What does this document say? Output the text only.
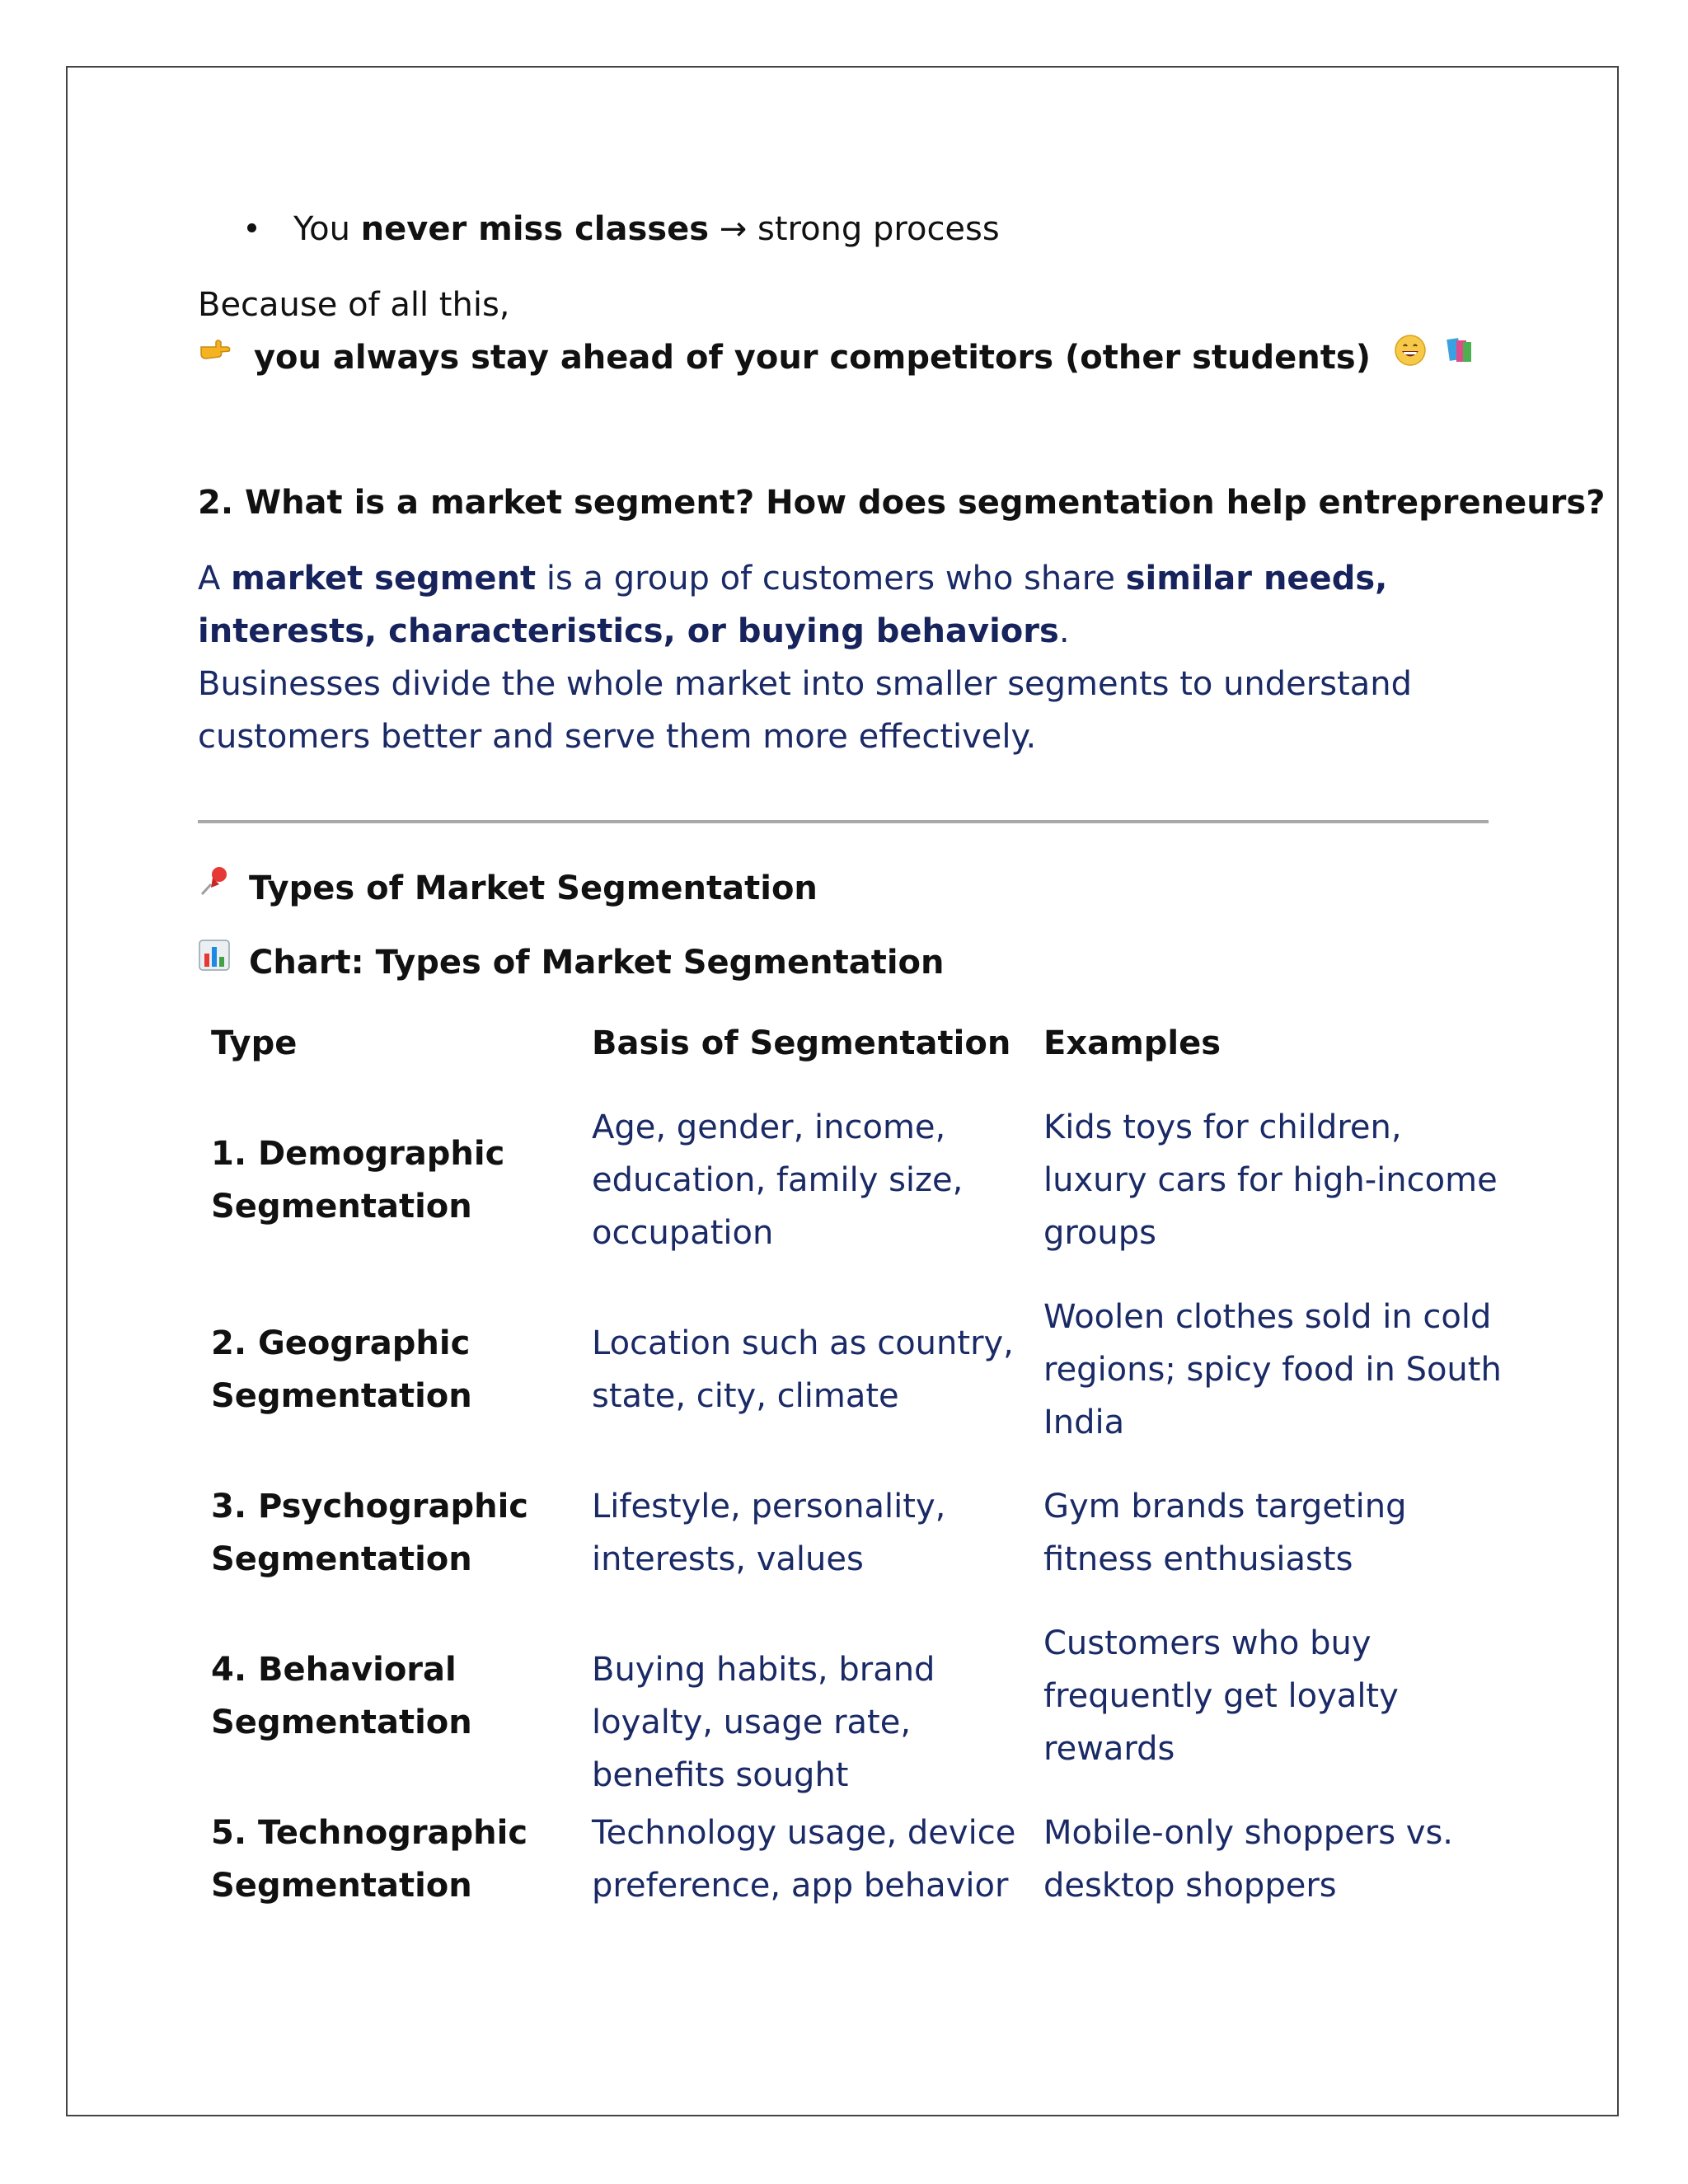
You never miss classes → strong process
Because of all this,
you always stay ahead of your competitors (other students)
2. What is a market segment? How does segmentation help entrepreneurs?
A market segment is a group of customers who share similar needs, interests, characteristics, or buying behaviors.
Businesses divide the whole market into smaller segments to understand customers better and serve them more effectively.
Types of Market Segmentation
Chart: Types of Market Segmentation
Type	Basis of Segmentation Examples
1. Demographic Segmentation
Age, gender, income, education, family size, occupation
Kids toys for children, luxury cars for high-income groups
2. Geographic Segmentation
Location such as country, state, city, climate
Woolen clothes sold in cold regions; spicy food in South India
3. Psychographic Segmentation
Lifestyle, personality, interests, values
Gym brands targeting fitness enthusiasts
4. Behavioral Segmentation
Buying habits, brand loyalty, usage rate, benefits sought
Customers who buy frequently get loyalty rewards
5. Technographic Segmentation
Technology usage, device preference, app behavior
Mobile-only shoppers vs. desktop shoppers
